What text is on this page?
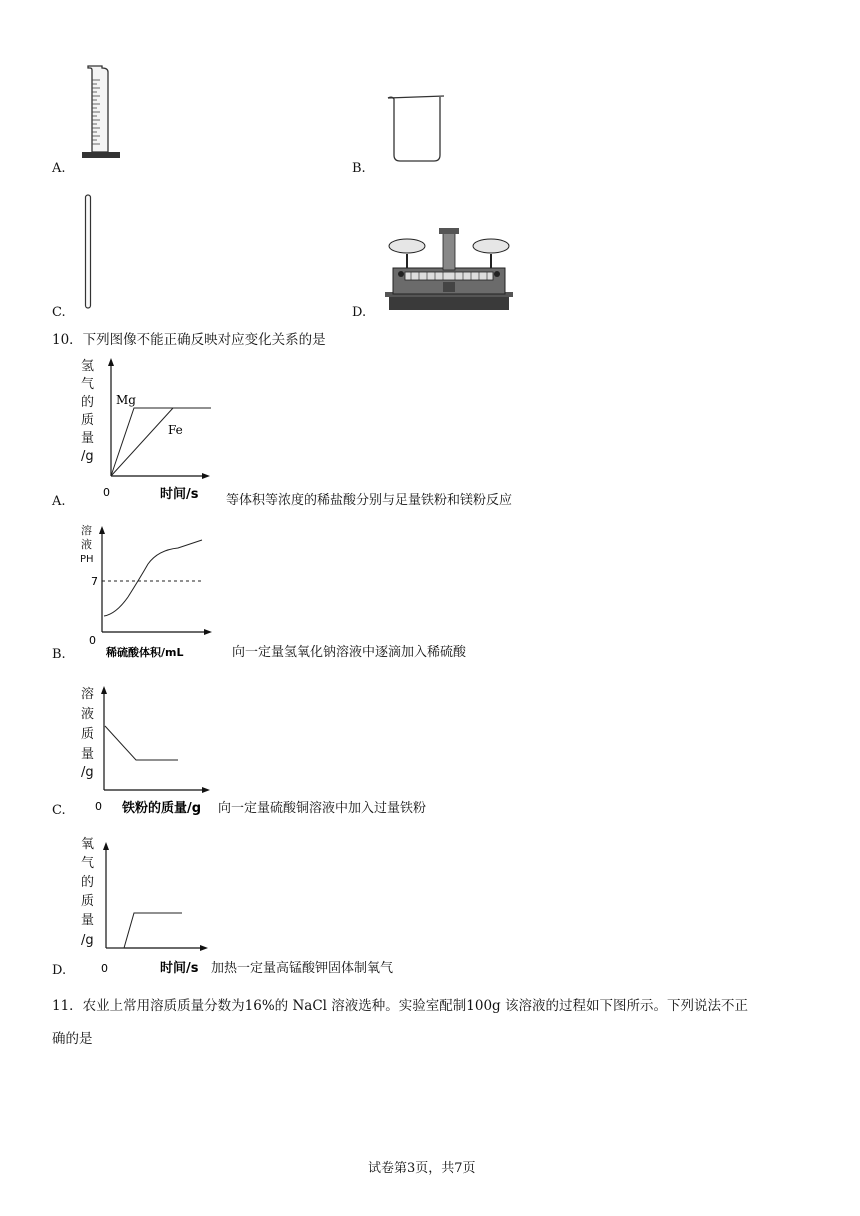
A.	B.
C.	D.
10．下列图像不能正确反映对应变化关系的是
氢
气
的
质
量
/g
Mg
Fe
0	时间/s
A.	等体积等浓度的稀盐酸分别与足量铁粉和镁粉反应
溶
液
PH
7
0
稀硫酸体积/mL
B.	向一定量氢氧化钠溶液中逐滴加入稀硫酸
溶
液
质
量
/g
0 铁粉的质量/g
C.	向一定量硫酸铜溶液中加入过量铁粉
氧
气
的
质
量
/g
0	时间/s
D.	加热一定量高锰酸钾固体制氧气
11．农业上常用溶质质量分数为16%的 NaCl 溶液选种。实验室配制100g 该溶液的过程如下图所示。下列说法不正
确的是
试卷第3页，共7页
